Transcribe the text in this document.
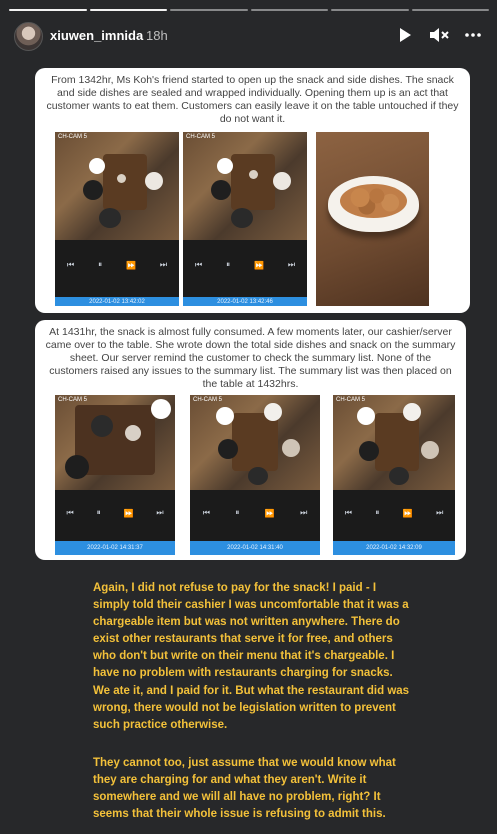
xiuwen_imnida 18h
From 1342hr, Ms Koh's friend started to open up the snack and side dishes. The snack and side dishes are sealed and wrapped individually. Opening them up is an act that customer wants to eat them. Customers can easily leave it on the table untouched if they do not want it.
CH-CAM 5
⏮	⏸	⏩	⏭
2022-01-02 13:42:02
CH-CAM 5
⏮	⏸	⏩	⏭
2022-01-02 13:42:46
At 1431hr, the snack is almost fully consumed. A few moments later, our cashier/server came over to the table. She wrote down the total side dishes and snack on the summary sheet. Our server remind the customer to check the summary list. None of the customers raised any issues to the summary list. The summary list was then placed on the table at 1432hrs.
CH-CAM 5
⏮	⏸	⏩	⏭
2022-01-02 14:31:37
CH-CAM 5
⏮	⏸	⏩	⏭
2022-01-02 14:31:40
CH-CAM 5
⏮	⏸	⏩	⏭
2022-01-02 14:32:09
Again, I did not refuse to pay for the snack! I paid - I simply told their cashier I was uncomfortable that it was a chargeable item but was not written anywhere. There do exist other restaurants that serve it for free, and others who don't but write on their menu that it's chargeable. I have no problem with restaurants charging for snacks.
We ate it, and I paid for it. But what the restaurant did was wrong, there would not be legislation written to prevent such practice otherwise.
They cannot too, just assume that we would know what they are charging for and what they aren't. Write it somewhere and we will all have no problem, right? It seems that their whole issue is refusing to admit this.
